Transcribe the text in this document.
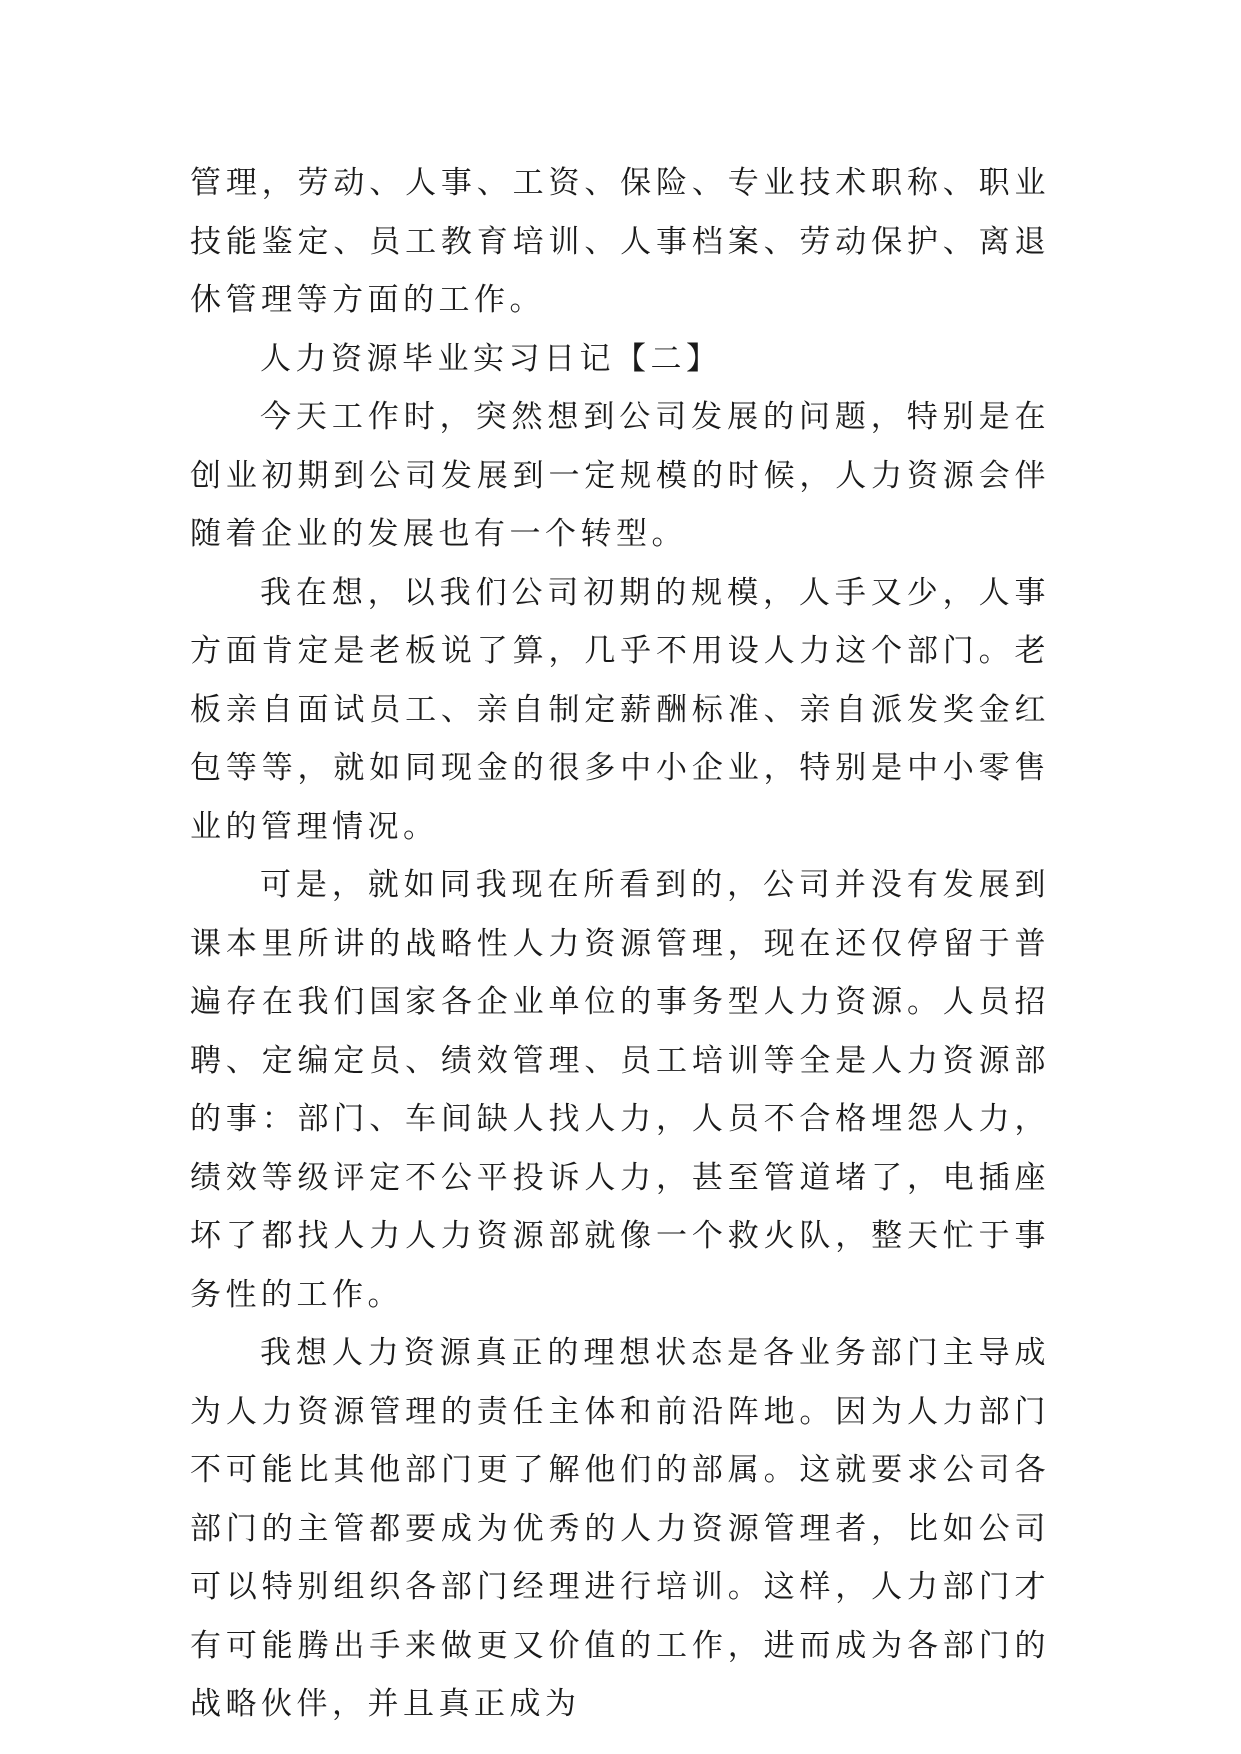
管理，劳动、人事、工资、保险、专业技术职称、职业技能鉴定、员工教育培训、人事档案、劳动保护、离退休管理等方面的工作。

人力资源毕业实习日记【二】

今天工作时，突然想到公司发展的问题，特别是在创业初期到公司发展到一定规模的时候，人力资源会伴随着企业的发展也有一个转型。

我在想，以我们公司初期的规模，人手又少，人事方面肯定是老板说了算，几乎不用设人力这个部门。老板亲自面试员工、亲自制定薪酬标准、亲自派发奖金红包等等，就如同现金的很多中小企业，特别是中小零售业的管理情况。

可是，就如同我现在所看到的，公司并没有发展到课本里所讲的战略性人力资源管理，现在还仅停留于普遍存在我们国家各企业单位的事务型人力资源。人员招聘、定编定员、绩效管理、员工培训等全是人力资源部的事：部门、车间缺人找人力，人员不合格埋怨人力，绩效等级评定不公平投诉人力，甚至管道堵了，电插座坏了都找人力人力资源部就像一个救火队，整天忙于事务性的工作。

我想人力资源真正的理想状态是各业务部门主导成为人力资源管理的责任主体和前沿阵地。因为人力部门不可能比其他部门更了解他们的部属。这就要求公司各部门的主管都要成为优秀的人力资源管理者，比如公司可以特别组织各部门经理进行培训。这样，人力部门才有可能腾出手来做更又价值的工作，进而成为各部门的战略伙伴，并且真正成为
